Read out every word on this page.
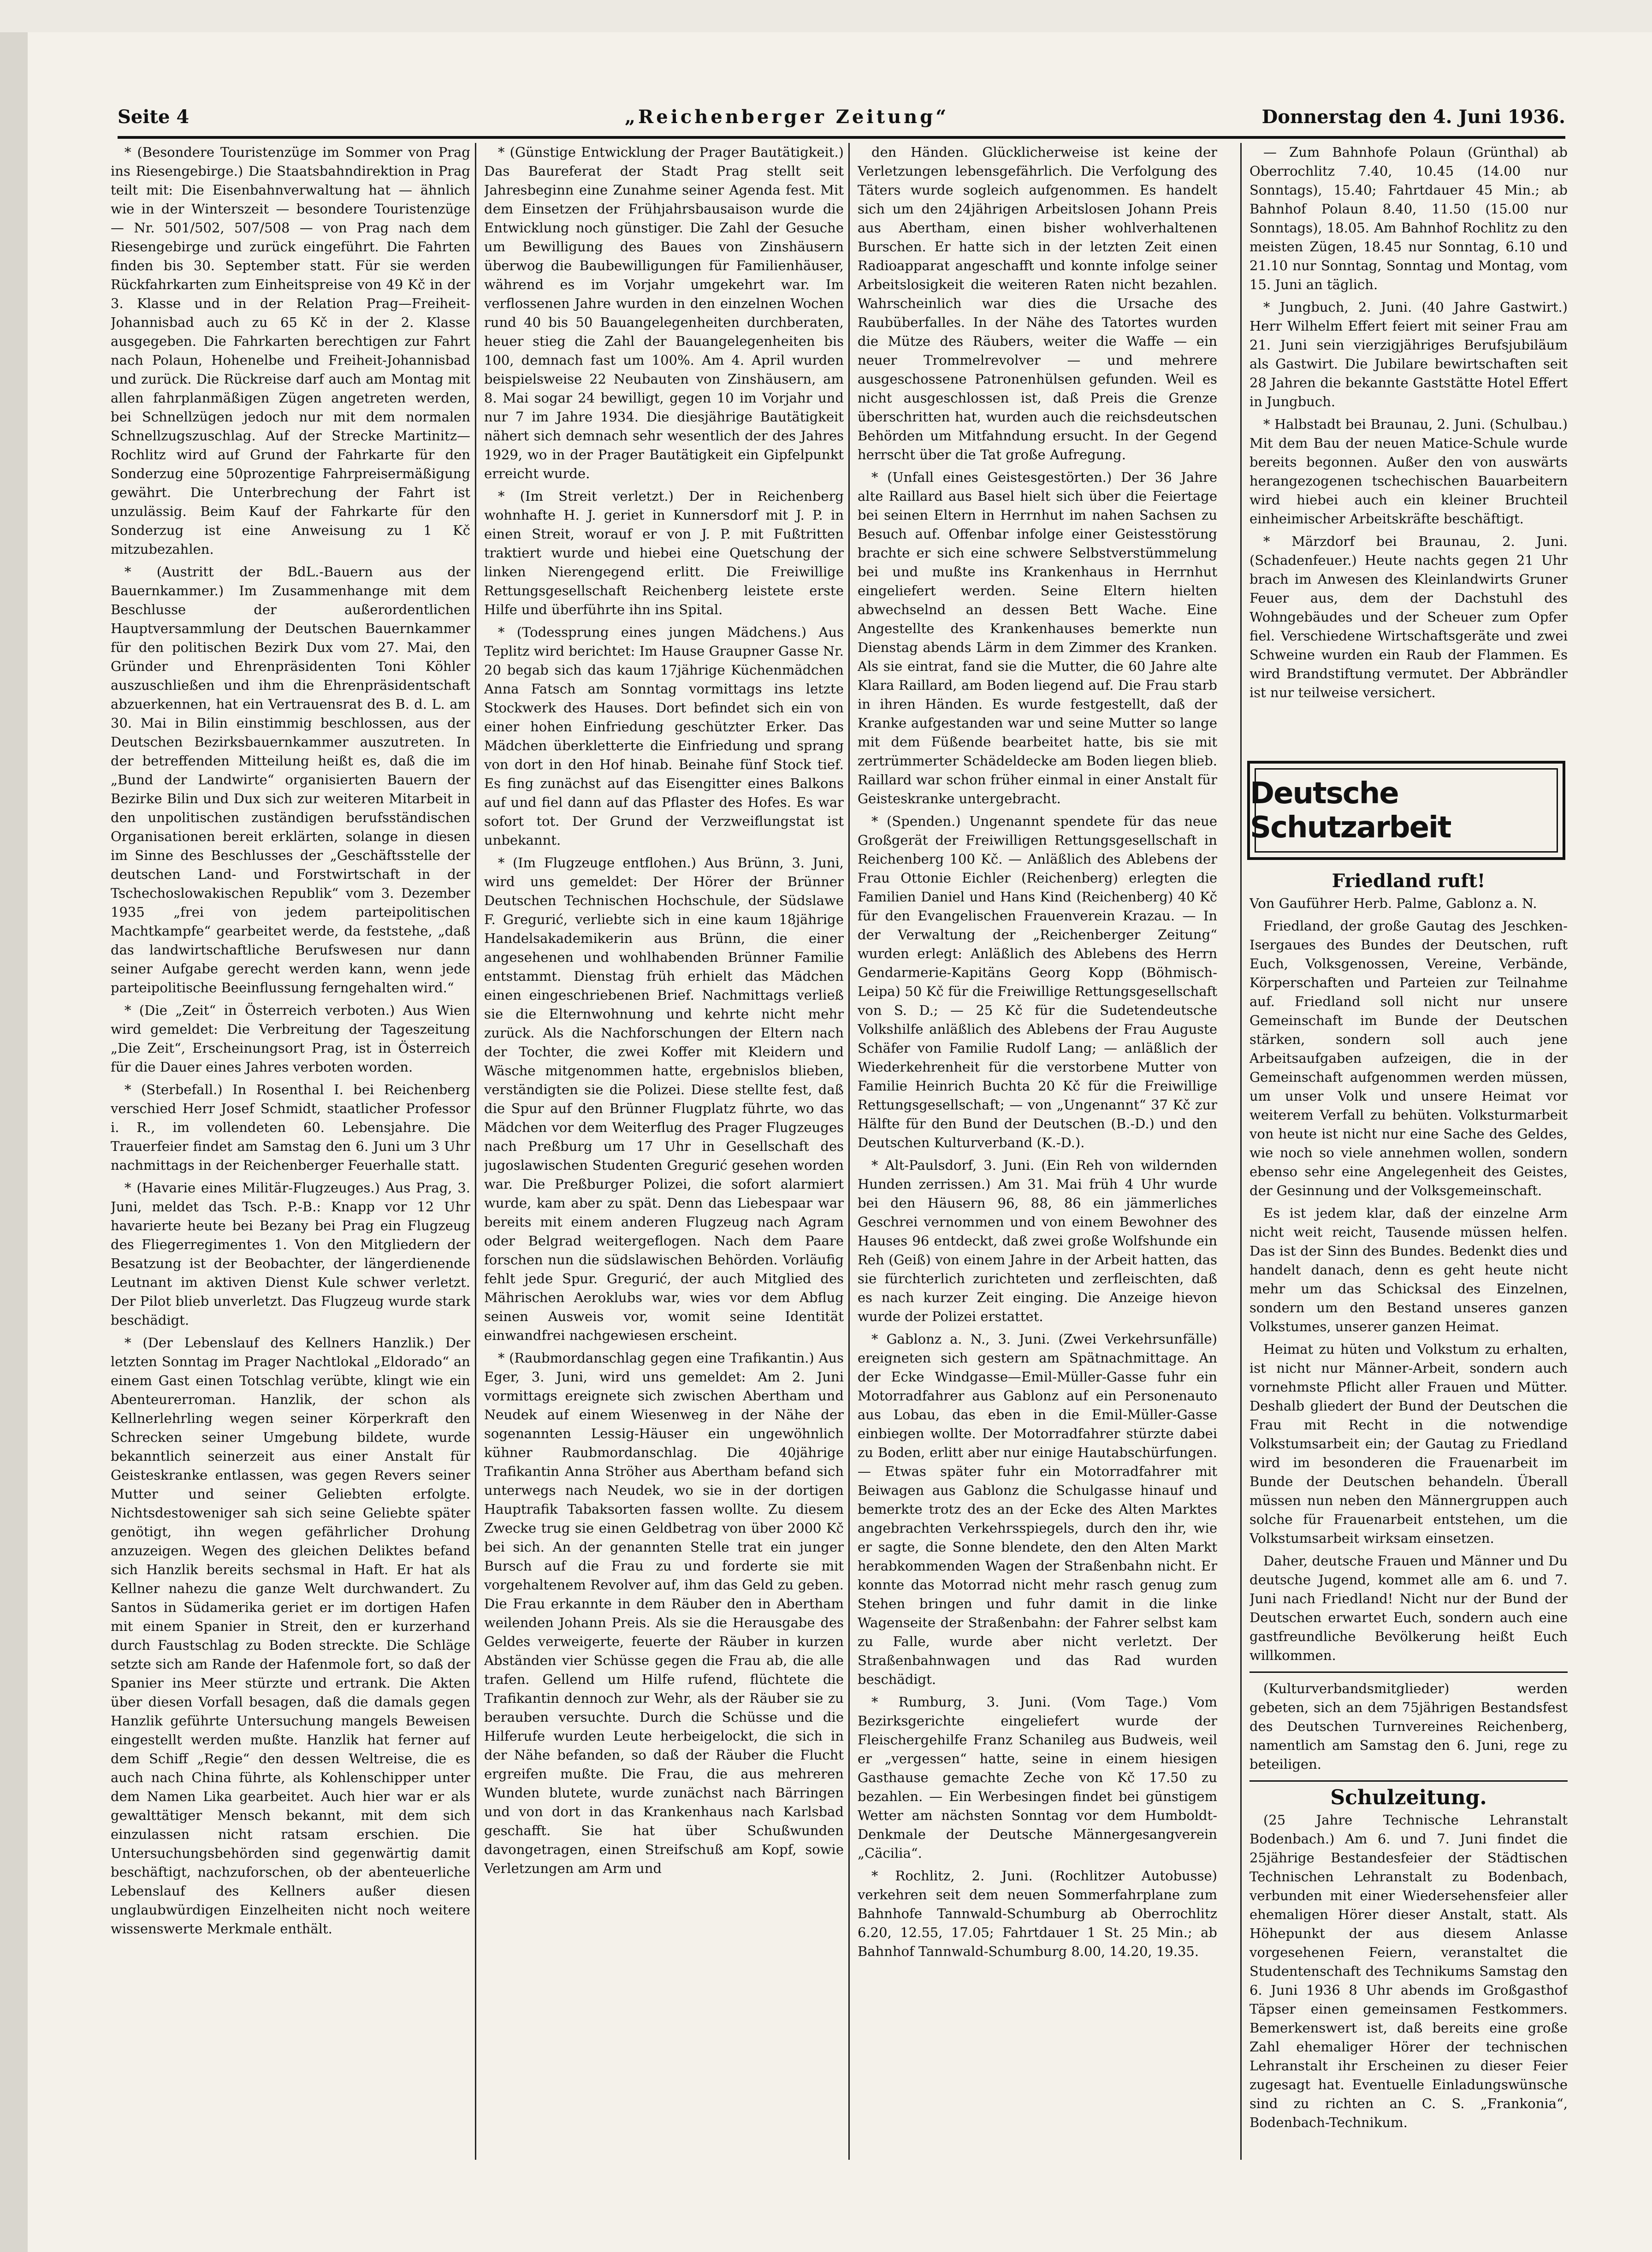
Seite 4	„Reichenberger Zeitung“	Donnerstag den 4. Juni 1936.

* (Besondere Touristenzüge im Sommer von Prag ins Riesengebirge.) Die Staatsbahndirektion in Prag teilt mit: Die Eisenbahnverwaltung hat — ähnlich wie in der Winterszeit — besondere Touristenzüge — Nr. 501/502, 507/508 — von Prag nach dem Riesengebirge und zurück eingeführt. Die Fahrten finden bis 30. September statt. Für sie werden Rückfahrkarten zum Einheitspreise von 49 Kč in der 3. Klasse und in der Relation Prag—Freiheit-Johannisbad auch zu 65 Kč in der 2. Klasse ausgegeben. Die Fahrkarten berechtigen zur Fahrt nach Polaun, Hohenelbe und Freiheit-Johannisbad und zurück. Die Rückreise darf auch am Montag mit allen fahrplanmäßigen Zügen angetreten werden, bei Schnellzügen jedoch nur mit dem normalen Schnellzugszuschlag. Auf der Strecke Martinitz—Rochlitz wird auf Grund der Fahrkarte für den Sonderzug eine 50prozentige Fahrpreisermäßigung gewährt. Die Unterbrechung der Fahrt ist unzulässig. Beim Kauf der Fahrkarte für den Sonderzug ist eine Anweisung zu 1 Kč mitzubezahlen.

* (Austritt der BdL.-Bauern aus der Bauernkammer.) Im Zusammenhange mit dem Beschlusse der außerordentlichen Hauptversammlung der Deutschen Bauernkammer für den politischen Bezirk Dux vom 27. Mai, den Gründer und Ehrenpräsidenten Toni Köhler auszuschließen und ihm die Ehrenpräsidentschaft abzuerkennen, hat ein Vertrauensrat des B. d. L. am 30. Mai in Bilin einstimmig beschlossen, aus der Deutschen Bezirksbauernkammer auszutreten. In der betreffenden Mitteilung heißt es, daß die im „Bund der Landwirte“ organisierten Bauern der Bezirke Bilin und Dux sich zur weiteren Mitarbeit in den unpolitischen zuständigen berufsständischen Organisationen bereit erklärten, solange in diesen im Sinne des Beschlusses der „Geschäftsstelle der deutschen Land- und Forstwirtschaft in der Tschechoslowakischen Republik“ vom 3. Dezember 1935 „frei von jedem parteipolitischen Machtkampfe“ gearbeitet werde, da feststehe, „daß das landwirtschaftliche Berufswesen nur dann seiner Aufgabe gerecht werden kann, wenn jede parteipolitische Beeinflussung ferngehalten wird.“

* (Die „Zeit“ in Österreich verboten.) Aus Wien wird gemeldet: Die Verbreitung der Tageszeitung „Die Zeit“, Erscheinungsort Prag, ist in Österreich für die Dauer eines Jahres verboten worden.

* (Sterbefall.) In Rosenthal I. bei Reichenberg verschied Herr Josef Schmidt, staatlicher Professor i. R., im vollendeten 60. Lebensjahre. Die Trauerfeier findet am Samstag den 6. Juni um 3 Uhr nachmittags in der Reichenberger Feuerhalle statt.

* (Havarie eines Militär-Flugzeuges.) Aus Prag, 3. Juni, meldet das Tsch. P.-B.: Knapp vor 12 Uhr havarierte heute bei Bezany bei Prag ein Flugzeug des Fliegerregimentes 1. Von den Mitgliedern der Besatzung ist der Beobachter, der längerdienende Leutnant im aktiven Dienst Kule schwer verletzt. Der Pilot blieb unverletzt. Das Flugzeug wurde stark beschädigt.

* (Der Lebenslauf des Kellners Hanzlik.) Der letzten Sonntag im Prager Nachtlokal „Eldorado“ an einem Gast einen Totschlag verübte, klingt wie ein Abenteurerroman. Hanzlik, der schon als Kellnerlehrling wegen seiner Körperkraft den Schrecken seiner Umgebung bildete, wurde bekanntlich seinerzeit aus einer Anstalt für Geisteskranke entlassen, was gegen Revers seiner Mutter und seiner Geliebten erfolgte. Nichtsdestoweniger sah sich seine Geliebte später genötigt, ihn wegen gefährlicher Drohung anzuzeigen. Wegen des gleichen Deliktes befand sich Hanzlik bereits sechsmal in Haft. Er hat als Kellner nahezu die ganze Welt durchwandert. Zu Santos in Südamerika geriet er im dortigen Hafen mit einem Spanier in Streit, den er kurzerhand durch Faustschlag zu Boden streckte. Die Schläge setzte sich am Rande der Hafenmole fort, so daß der Spanier ins Meer stürzte und ertrank. Die Akten über diesen Vorfall besagen, daß die damals gegen Hanzlik geführte Untersuchung mangels Beweisen eingestellt werden mußte. Hanzlik hat ferner auf dem Schiff „Regie“ den dessen Weltreise, die es auch nach China führte, als Kohlenschipper unter dem Namen Lika gearbeitet. Auch hier war er als gewalttätiger Mensch bekannt, mit dem sich einzulassen nicht ratsam erschien. Die Untersuchungsbehörden sind gegenwärtig damit beschäftigt, nachzuforschen, ob der abenteuerliche Lebenslauf des Kellners außer diesen unglaubwürdigen Einzelheiten nicht noch weitere wissenswerte Merkmale enthält.

* (Günstige Entwicklung der Prager Bautätigkeit.) Das Baureferat der Stadt Prag stellt seit Jahresbeginn eine Zunahme seiner Agenda fest. Mit dem Einsetzen der Frühjahrsbausaison wurde die Entwicklung noch günstiger. Die Zahl der Gesuche um Bewilligung des Baues von Zinshäusern überwog die Baubewilligungen für Familienhäuser, während es im Vorjahr umgekehrt war. Im verflossenen Jahre wurden in den einzelnen Wochen rund 40 bis 50 Bauangelegenheiten durchberaten, heuer stieg die Zahl der Bauangelegenheiten bis 100, demnach fast um 100%. Am 4. April wurden beispielsweise 22 Neubauten von Zinshäusern, am 8. Mai sogar 24 bewilligt, gegen 10 im Vorjahr und nur 7 im Jahre 1934. Die diesjährige Bautätigkeit nähert sich demnach sehr wesentlich der des Jahres 1929, wo in der Prager Bautätigkeit ein Gipfelpunkt erreicht wurde.

* (Im Streit verletzt.) Der in Reichenberg wohnhafte H. J. geriet in Kunnersdorf mit J. P. in einen Streit, worauf er von J. P. mit Fußtritten traktiert wurde und hiebei eine Quetschung der linken Nierengegend erlitt. Die Freiwillige Rettungsgesellschaft Reichenberg leistete erste Hilfe und überführte ihn ins Spital.

* (Todessprung eines jungen Mädchens.) Aus Teplitz wird berichtet: Im Hause Graupner Gasse Nr. 20 begab sich das kaum 17jährige Küchenmädchen Anna Fatsch am Sonntag vormittags ins letzte Stockwerk des Hauses. Dort befindet sich ein von einer hohen Einfriedung geschützter Erker. Das Mädchen überkletterte die Einfriedung und sprang von dort in den Hof hinab. Beinahe fünf Stock tief. Es fing zunächst auf das Eisengitter eines Balkons auf und fiel dann auf das Pflaster des Hofes. Es war sofort tot. Der Grund der Verzweiflungstat ist unbekannt.

* (Im Flugzeuge entflohen.) Aus Brünn, 3. Juni, wird uns gemeldet: Der Hörer der Brünner Deutschen Technischen Hochschule, der Südslawe F. Gregurić, verliebte sich in eine kaum 18jährige Handelsakademikerin aus Brünn, die einer angesehenen und wohlhabenden Brünner Familie entstammt. Dienstag früh erhielt das Mädchen einen eingeschriebenen Brief. Nachmittags verließ sie die Elternwohnung und kehrte nicht mehr zurück. Als die Nachforschungen der Eltern nach der Tochter, die zwei Koffer mit Kleidern und Wäsche mitgenommen hatte, ergebnislos blieben, verständigten sie die Polizei. Diese stellte fest, daß die Spur auf den Brünner Flugplatz führte, wo das Mädchen vor dem Weiterflug des Prager Flugzeuges nach Preßburg um 17 Uhr in Gesellschaft des jugoslawischen Studenten Gregurić gesehen worden war. Die Preßburger Polizei, die sofort alarmiert wurde, kam aber zu spät. Denn das Liebespaar war bereits mit einem anderen Flugzeug nach Agram oder Belgrad weitergeflogen. Nach dem Paare forschen nun die südslawischen Behörden. Vorläufig fehlt jede Spur. Gregurić, der auch Mitglied des Mährischen Aeroklubs war, wies vor dem Abflug seinen Ausweis vor, womit seine Identität einwandfrei nachgewiesen erscheint.

* (Raubmordanschlag gegen eine Trafikantin.) Aus Eger, 3. Juni, wird uns gemeldet: Am 2. Juni vormittags ereignete sich zwischen Abertham und Neudek auf einem Wiesenweg in der Nähe der sogenannten Lessig-Häuser ein ungewöhnlich kühner Raubmordanschlag. Die 40jährige Trafikantin Anna Ströher aus Abertham befand sich unterwegs nach Neudek, wo sie in der dortigen Hauptrafik Tabaksorten fassen wollte. Zu diesem Zwecke trug sie einen Geldbetrag von über 2000 Kč bei sich. An der genannten Stelle trat ein junger Bursch auf die Frau zu und forderte sie mit vorgehaltenem Revolver auf, ihm das Geld zu geben. Die Frau erkannte in dem Räuber den in Abertham weilenden Johann Preis. Als sie die Herausgabe des Geldes verweigerte, feuerte der Räuber in kurzen Abständen vier Schüsse gegen die Frau ab, die alle trafen. Gellend um Hilfe rufend, flüchtete die Trafikantin dennoch zur Wehr, als der Räuber sie zu berauben versuchte. Durch die Schüsse und die Hilferufe wurden Leute herbeigelockt, die sich in der Nähe befanden, so daß der Räuber die Flucht ergreifen mußte. Die Frau, die aus mehreren Wunden blutete, wurde zunächst nach Bärringen und von dort in das Krankenhaus nach Karlsbad geschafft. Sie hat über Schußwunden davongetragen, einen Streifschuß am Kopf, sowie Verletzungen am Arm und

den Händen. Glücklicherweise ist keine der Verletzungen lebensgefährlich. Die Verfolgung des Täters wurde sogleich aufgenommen. Es handelt sich um den 24jährigen Arbeitslosen Johann Preis aus Abertham, einen bisher wohlverhaltenen Burschen. Er hatte sich in der letzten Zeit einen Radioapparat angeschafft und konnte infolge seiner Arbeitslosigkeit die weiteren Raten nicht bezahlen. Wahrscheinlich war dies die Ursache des Raubüberfalles. In der Nähe des Tatortes wurden die Mütze des Räubers, weiter die Waffe — ein neuer Trommelrevolver — und mehrere ausgeschossene Patronenhülsen gefunden. Weil es nicht ausgeschlossen ist, daß Preis die Grenze überschritten hat, wurden auch die reichsdeutschen Behörden um Mitfahndung ersucht. In der Gegend herrscht über die Tat große Aufregung.

* (Unfall eines Geistesgestörten.) Der 36 Jahre alte Raillard aus Basel hielt sich über die Feiertage bei seinen Eltern in Herrnhut im nahen Sachsen zu Besuch auf. Offenbar infolge einer Geistesstörung brachte er sich eine schwere Selbstverstümmelung bei und mußte ins Krankenhaus in Herrnhut eingeliefert werden. Seine Eltern hielten abwechselnd an dessen Bett Wache. Eine Angestellte des Krankenhauses bemerkte nun Dienstag abends Lärm in dem Zimmer des Kranken. Als sie eintrat, fand sie die Mutter, die 60 Jahre alte Klara Raillard, am Boden liegend auf. Die Frau starb in ihren Händen. Es wurde festgestellt, daß der Kranke aufgestanden war und seine Mutter so lange mit dem Füßende bearbeitet hatte, bis sie mit zertrümmerter Schädeldecke am Boden liegen blieb. Raillard war schon früher einmal in einer Anstalt für Geisteskranke untergebracht.

* (Spenden.) Ungenannt spendete für das neue Großgerät der Freiwilligen Rettungsgesellschaft in Reichenberg 100 Kč. — Anläßlich des Ablebens der Frau Ottonie Eichler (Reichenberg) erlegten die Familien Daniel und Hans Kind (Reichenberg) 40 Kč für den Evangelischen Frauenverein Krazau. — In der Verwaltung der „Reichenberger Zeitung“ wurden erlegt: Anläßlich des Ablebens des Herrn Gendarmerie-Kapitäns Georg Kopp (Böhmisch-Leipa) 50 Kč für die Freiwillige Rettungsgesellschaft von S. D.; — 25 Kč für die Sudetendeutsche Volkshilfe anläßlich des Ablebens der Frau Auguste Schäfer von Familie Rudolf Lang; — anläßlich der Wiederkehrenheit für die verstorbene Mutter von Familie Heinrich Buchta 20 Kč für die Freiwillige Rettungsgesellschaft; — von „Ungenannt“ 37 Kč zur Hälfte für den Bund der Deutschen (B.-D.) und den Deutschen Kulturverband (K.-D.).

* Alt-Paulsdorf, 3. Juni. (Ein Reh von wildernden Hunden zerrissen.) Am 31. Mai früh 4 Uhr wurde bei den Häusern 96, 88, 86 ein jämmerliches Geschrei vernommen und von einem Bewohner des Hauses 96 entdeckt, daß zwei große Wolfshunde ein Reh (Geiß) von einem Jahre in der Arbeit hatten, das sie fürchterlich zurichteten und zerfleischten, daß es nach kurzer Zeit einging. Die Anzeige hievon wurde der Polizei erstattet.

* Gablonz a. N., 3. Juni. (Zwei Verkehrsunfälle) ereigneten sich gestern am Spätnachmittage. An der Ecke Windgasse—Emil-Müller-Gasse fuhr ein Motorradfahrer aus Gablonz auf ein Personenauto aus Lobau, das eben in die Emil-Müller-Gasse einbiegen wollte. Der Motorradfahrer stürzte dabei zu Boden, erlitt aber nur einige Hautabschürfungen. — Etwas später fuhr ein Motorradfahrer mit Beiwagen aus Gablonz die Schulgasse hinauf und bemerkte trotz des an der Ecke des Alten Marktes angebrachten Verkehrsspiegels, durch den ihr, wie er sagte, die Sonne blendete, den den Alten Markt herabkommenden Wagen der Straßenbahn nicht. Er konnte das Motorrad nicht mehr rasch genug zum Stehen bringen und fuhr damit in die linke Wagenseite der Straßenbahn: der Fahrer selbst kam zu Falle, wurde aber nicht verletzt. Der Straßenbahnwagen und das Rad wurden beschädigt.

* Rumburg, 3. Juni. (Vom Tage.) Vom Bezirksgerichte eingeliefert wurde der Fleischergehilfe Franz Schanileg aus Budweis, weil er „vergessen“ hatte, seine in einem hiesigen Gasthause gemachte Zeche von Kč 17.50 zu bezahlen. — Ein Werbesingen findet bei günstigem Wetter am nächsten Sonntag vor dem Humboldt-Denkmale der Deutsche Männergesangverein „Cäcilia“.

* Rochlitz, 2. Juni. (Rochlitzer Autobusse) verkehren seit dem neuen Sommerfahrplane zum Bahnhofe Tannwald-Schumburg ab Oberrochlitz 6.20, 12.55, 17.05; Fahrtdauer 1 St. 25 Min.; ab Bahnhof Tannwald-Schumburg 8.00, 14.20, 19.35.

— Zum Bahnhofe Polaun (Grünthal) ab Oberrochlitz 7.40, 10.45 (14.00 nur Sonntags), 15.40; Fahrtdauer 45 Min.; ab Bahnhof Polaun 8.40, 11.50 (15.00 nur Sonntags), 18.05. Am Bahnhof Rochlitz zu den meisten Zügen, 18.45 nur Sonntag, 6.10 und 21.10 nur Sonntag, Sonntag und Montag, vom 15. Juni an täglich.

* Jungbuch, 2. Juni. (40 Jahre Gastwirt.) Herr Wilhelm Effert feiert mit seiner Frau am 21. Juni sein vierzigjähriges Berufsjubiläum als Gastwirt. Die Jubilare bewirtschaften seit 28 Jahren die bekannte Gaststätte Hotel Effert in Jungbuch.

* Halbstadt bei Braunau, 2. Juni. (Schulbau.) Mit dem Bau der neuen Matice-Schule wurde bereits begonnen. Außer den von auswärts herangezogenen tschechischen Bauarbeitern wird hiebei auch ein kleiner Bruchteil einheimischer Arbeitskräfte beschäftigt.

* Märzdorf bei Braunau, 2. Juni. (Schadenfeuer.) Heute nachts gegen 21 Uhr brach im Anwesen des Kleinlandwirts Gruner Feuer aus, dem der Dachstuhl des Wohngebäudes und der Scheuer zum Opfer fiel. Verschiedene Wirtschaftsgeräte und zwei Schweine wurden ein Raub der Flammen. Es wird Brandstiftung vermutet. Der Abbrändler ist nur teilweise versichert.

Deutsche Schutzarbeit

Friedland ruft!

Von Gauführer Herb. Palme, Gablonz a. N.

Friedland, der große Gautag des Jeschken-Isergaues des Bundes der Deutschen, ruft Euch, Volksgenossen, Vereine, Verbände, Körperschaften und Parteien zur Teilnahme auf. Friedland soll nicht nur unsere Gemeinschaft im Bunde der Deutschen stärken, sondern soll auch jene Arbeitsaufgaben aufzeigen, die in der Gemeinschaft aufgenommen werden müssen, um unser Volk und unsere Heimat vor weiterem Verfall zu behüten. Volksturmarbeit von heute ist nicht nur eine Sache des Geldes, wie noch so viele annehmen wollen, sondern ebenso sehr eine Angelegenheit des Geistes, der Gesinnung und der Volksgemeinschaft.

Es ist jedem klar, daß der einzelne Arm nicht weit reicht, Tausende müssen helfen. Das ist der Sinn des Bundes. Bedenkt dies und handelt danach, denn es geht heute nicht mehr um das Schicksal des Einzelnen, sondern um den Bestand unseres ganzen Volkstumes, unserer ganzen Heimat.

Heimat zu hüten und Volkstum zu erhalten, ist nicht nur Männer-Arbeit, sondern auch vornehmste Pflicht aller Frauen und Mütter. Deshalb gliedert der Bund der Deutschen die Frau mit Recht in die notwendige Volkstumsarbeit ein; der Gautag zu Friedland wird im besonderen die Frauenarbeit im Bunde der Deutschen behandeln. Überall müssen nun neben den Männergruppen auch solche für Frauenarbeit entstehen, um die Volkstumsarbeit wirksam einsetzen.

Daher, deutsche Frauen und Männer und Du deutsche Jugend, kommet alle am 6. und 7. Juni nach Friedland! Nicht nur der Bund der Deutschen erwartet Euch, sondern auch eine gastfreundliche Bevölkerung heißt Euch willkommen.

(Kulturverbandsmitglieder) werden gebeten, sich an dem 75jährigen Bestandsfest des Deutschen Turnvereines Reichenberg, namentlich am Samstag den 6. Juni, rege zu beteiligen.

Schulzeitung.

(25 Jahre Technische Lehranstalt Bodenbach.) Am 6. und 7. Juni findet die 25jährige Bestandesfeier der Städtischen Technischen Lehranstalt zu Bodenbach, verbunden mit einer Wiedersehensfeier aller ehemaligen Hörer dieser Anstalt, statt. Als Höhepunkt der aus diesem Anlasse vorgesehenen Feiern, veranstaltet die Studentenschaft des Technikums Samstag den 6. Juni 1936 8 Uhr abends im Großgasthof Täpser einen gemeinsamen Festkommers. Bemerkenswert ist, daß bereits eine große Zahl ehemaliger Hörer der technischen Lehranstalt ihr Erscheinen zu dieser Feier zugesagt hat. Eventuelle Einladungswünsche sind zu richten an C. S. „Frankonia“, Bodenbach-Technikum.
